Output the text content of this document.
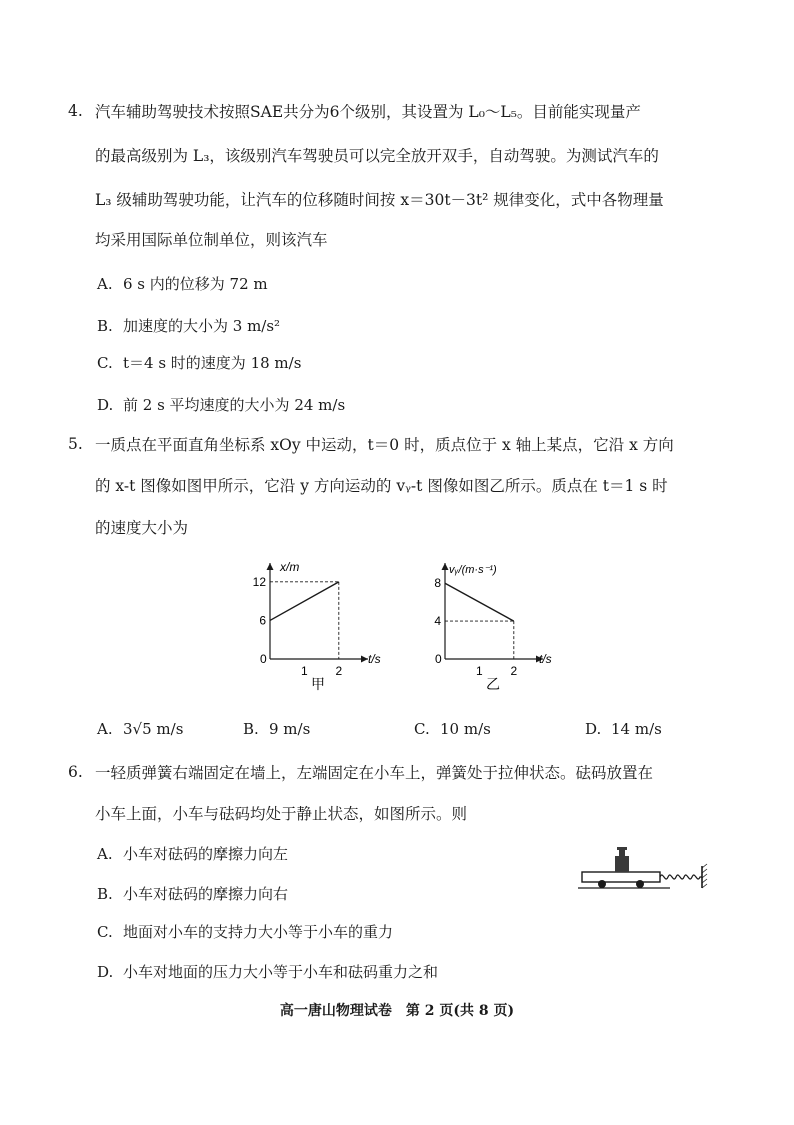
4. 汽车辅助驾驶技术按照SAE共分为6个级别，其设置为 L₀～L₅。目前能实现量产
的最高级别为 L₃，该级别汽车驾驶员可以完全放开双手，自动驾驶。为测试汽车的
L₃ 级辅助驾驶功能，让汽车的位移随时间按 x＝30t－3t² 规律变化，式中各物理量
均采用国际单位制单位，则该汽车
A. 6 s 内的位移为 72 m
B. 加速度的大小为 3 m/s²
C. t＝4 s 时的速度为 18 m/s
D. 前 2 s 平均速度的大小为 24 m/s
5. 一质点在平面直角坐标系 xOy 中运动，t＝0 时，质点位于 x 轴上某点，它沿 x 方向
的 x-t 图像如图甲所示，它沿 y 方向运动的 vᵧ-t 图像如图乙所示。质点在 t＝1 s 时
的速度大小为
x/m
t/s
0
1 2
6
12
甲
vᵧ/(m·s⁻¹)
t/s
0
1 2
4
8
乙
A. 3√5 m/s	B. 9 m/s	C. 10 m/s	D. 14 m/s
6. 一轻质弹簧右端固定在墙上，左端固定在小车上，弹簧处于拉伸状态。砝码放置在
小车上面，小车与砝码均处于静止状态，如图所示。则
A. 小车对砝码的摩擦力向左
B. 小车对砝码的摩擦力向右
C. 地面对小车的支持力大小等于小车的重力
D. 小车对地面的压力大小等于小车和砝码重力之和
高一唐山物理试卷　第 2 页(共 8 页)
